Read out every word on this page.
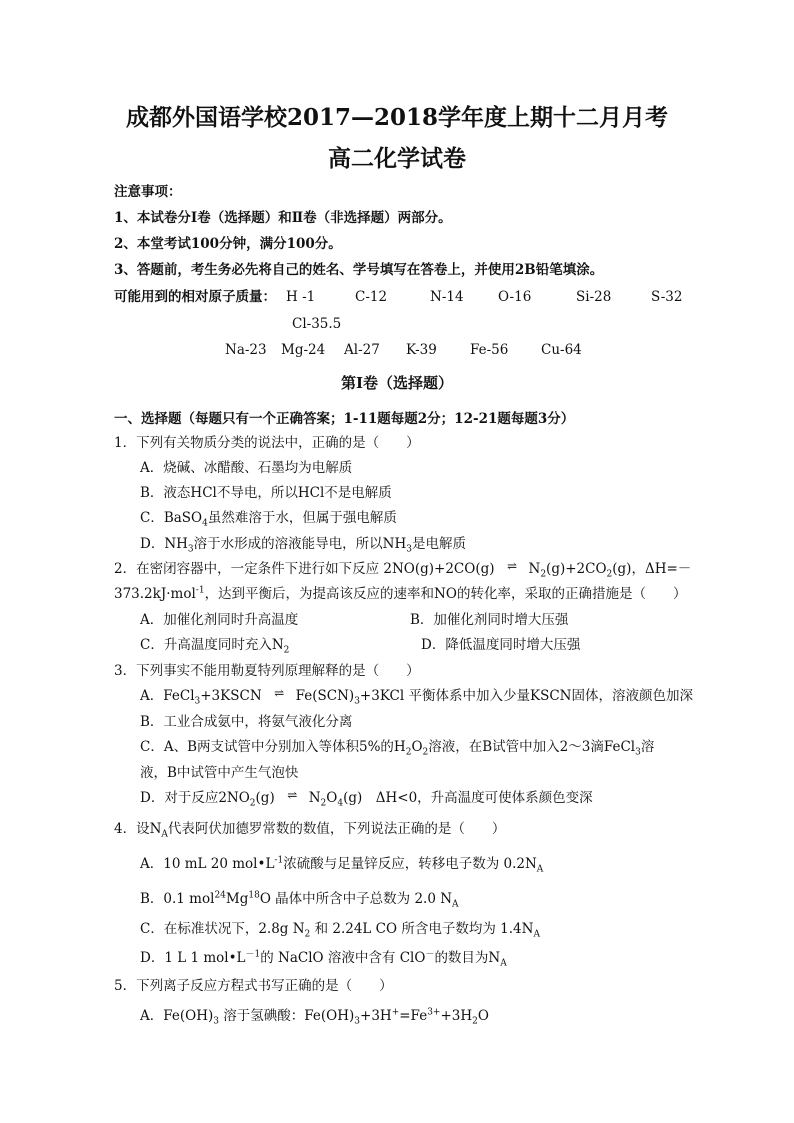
成都外国语学校2017—2018学年度上期十二月月考
高二化学试卷
注意事项：
1、本试卷分Ⅰ卷（选择题）和Ⅱ卷（非选择题）两部分。
2、本堂考试100分钟，满分100分。
3、答题前，考生务必先将自己的姓名、学号填写在答卷上，并使用2B铅笔填涂。
可能用到的相对原子质量： H -1	C-12	N-14	O-16	Si-28	S-32
Cl-35.5
Na-23 Mg-24 Al-27 K-39 Fe-56 Cu-64
第Ⅰ卷（选择题）
一、选择题（每题只有一个正确答案；1-11题每题2分；12-21题每题3分）
1．下列有关物质分类的说法中，正确的是（　　）
A．烧碱、冰醋酸、石墨均为电解质
B．液态HCl不导电，所以HCl不是电解质
C．BaSO$_4$虽然难溶于水，但属于强电解质
D．$NH_3$溶于水形成的溶液能导电，所以$NH_3$是电解质
2．在密闭容器中，一定条件下进行如下反应 2NO(g)+2CO(g) ⇌ $N_2(g)+2CO_2(g)$，ΔH=－
373.2kJ·mol$^{-1}$，达到平衡后，为提高该反应的速率和NO的转化率，采取的正确措施是（　　）
A．加催化剂同时升高温度	B．加催化剂同时增大压强
C．升高温度同时充入$N_2$	D．降低温度同时增大压强
3．下列事实不能用勒夏特列原理解释的是（　　）
A．FeCl$_3$+3KSCN ⇌ $Fe(SCN)_3+3KCl$ 平衡体系中加入少量KSCN固体，溶液颜色加深
B．工业合成氨中，将氨气液化分离
C．A、B两支试管中分别加入等体积5%的$H_2O_2$溶液，在B试管中加入2～3滴FeCl$_3$溶
液，B中试管中产生气泡快
D．对于反应$2NO_2(g)$ ⇌ $N_2O_4(g)$　ΔH<0，升高温度可使体系颜色变深
4．设$N_A$代表阿伏加德罗常数的数值，下列说法正确的是（　　）
A．10 mL 20 $mol•L^{-1}$浓硫酸与足量锌反应，转移电子数为 $0.2N_A$
B．0.1 mol$^{24}$Mg$^{18}$O 晶体中所含中子总数为 2.0 $N_A$
C．在标准状况下，2.8g $N_2$ 和 2.24L CO 所含电子数均为 $1.4N_A$
D．1 L 1 $mol•L^{-1}$的 NaClO 溶液中含有 ClO－的数目为$N_A$
5．下列离子反应方程式书写正确的是（　　）
A．$Fe(OH)_3$ 溶于氢碘酸：$Fe(OH)_3+3H^+=Fe^{3+}+3H_2O$
